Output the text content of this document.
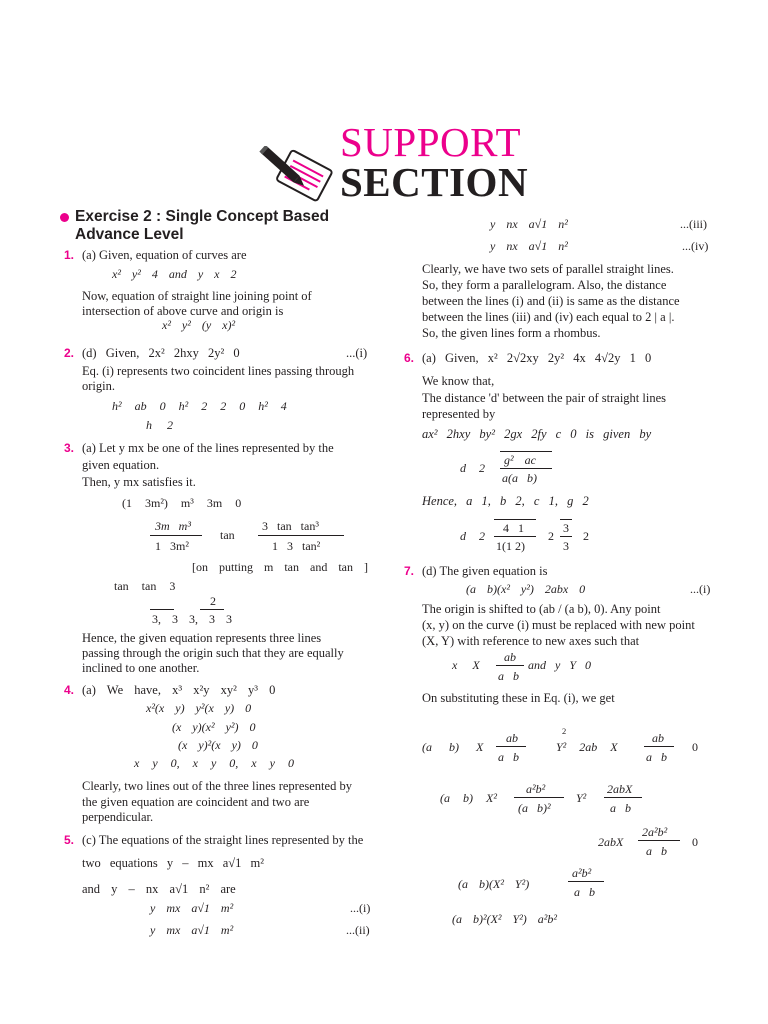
SUPPORT
SECTION
Exercise 2 : Single Concept Based
Advance Level
1. (a) Given, equation of curves are
x² y² 4 and y x 2
Now, equation of straight line joining point of
intersection of above curve and origin is
x² y² (y x)²
2. (d) Given, 2x² 2hxy 2y² 0	...(i)
Eq. (i) represents two coincident lines passing through
origin.
h² ab 0 h² 2 2 0 h² 4
h 2
3. (a) Let y mx be one of the lines represented by the
given equation.
Then, y mx satisfies it.
(1 3m²) m³ 3m 0
3m m³
1 3m²
tan
3 tan tan³
1 3 tan²
[on putting m tan and tan ]
tan tan 3
2
3, 3 3, 3 3
Hence, the given equation represents three lines
passing through the origin such that they are equally
inclined to one another.
4. (a) We have, x³ x²y xy² y³ 0
x²(x y) y²(x y) 0
(x y)(x² y²) 0
(x y)²(x y) 0
x y 0, x y 0, x y 0
Clearly, two lines out of the three lines represented by
the given equation are coincident and two are
perpendicular.
5. (c) The equations of the straight lines represented by the
two equations y – mx a√1 m²
and y – nx a√1 n² are
y mx a√1 m²	...(i)
y mx a√1 m²	...(ii)
y nx a√1 n²	...(iii)
y nx a√1 n²	...(iv)
Clearly, we have two sets of parallel straight lines.
So, they form a parallelogram. Also, the distance
between the lines (i) and (ii) is same as the distance
between the lines (iii) and (iv) each equal to 2 | a |.
So, the given lines form a rhombus.
6. (a) Given, x² 2√2xy 2y² 4x 4√2y 1 0
We know that,
The distance 'd' between the pair of straight lines
represented by
ax² 2hxy by² 2gx 2fy c 0 is given by
d 2
g² ac
a(a b)
Hence, a 1, b 2, c 1, g 2
d 2
4 1
1(1 2)
2
3
3
2
7. (d) The given equation is
(a b)(x² y²) 2abx 0	...(i)
The origin is shifted to (ab / (a b), 0). Any point
(x, y) on the curve (i) must be replaced with new point
(X, Y) with reference to new axes such that
x X
ab
a b
and y Y 0
On substituting these in Eq. (i), we get
(a b) X
ab
a b
2
Y² 2ab X
ab
a b
0
(a b) X²
a²b²
(a b)²
Y²
2abX
a b
2abX
2a²b²
a b
0
(a b)(X² Y²)
a²b²
a b
(a b)²(X² Y²) a²b²
